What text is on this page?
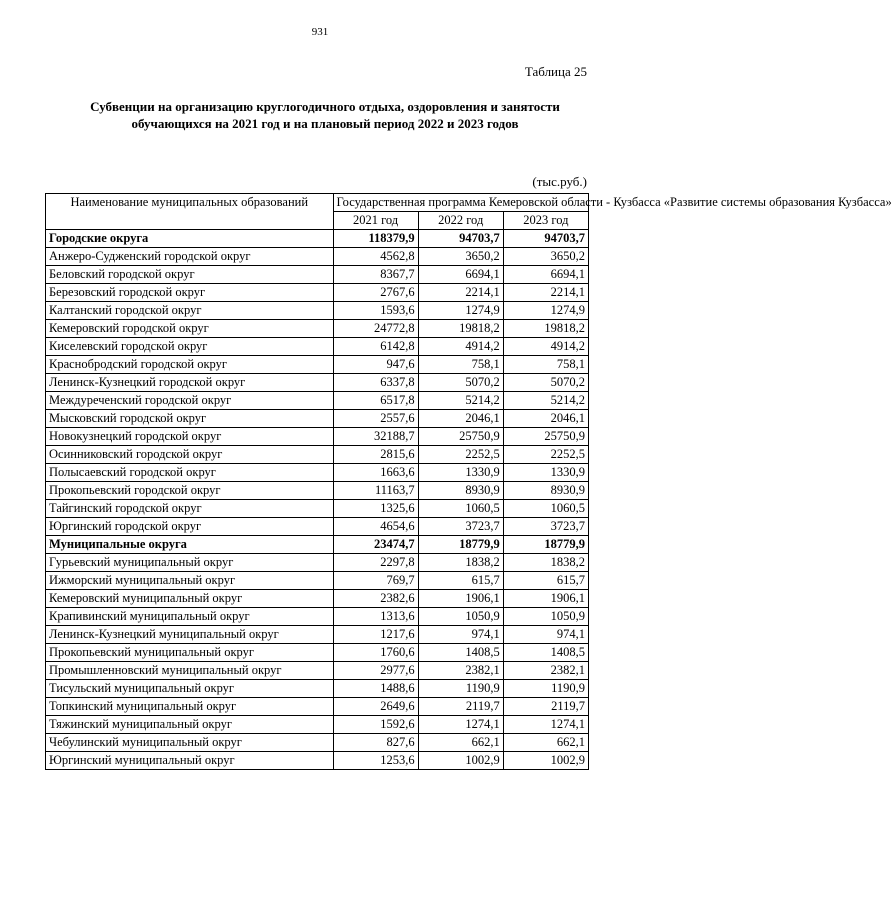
931
Таблица 25
Субвенции на организацию круглогодичного отдыха, оздоровления и занятости
обучающихся на 2021 год и на плановый период 2022 и 2023 годов
(тыс.руб.)
Наименование муниципальных образований	Государственная программа Кемеровской области - Кузбасса «Развитие системы образования Кузбасса»		
	2021 год	2022 год	2023 год
Городские округа	118379,9	94703,7	94703,7
Анжеро-Судженский городской округ	4562,8	3650,2	3650,2
Беловский городской округ	8367,7	6694,1	6694,1
Березовский городской округ	2767,6	2214,1	2214,1
Калтанский городской округ	1593,6	1274,9	1274,9
Кемеровский городской округ	24772,8	19818,2	19818,2
Киселевский городской округ	6142,8	4914,2	4914,2
Краснобродский городской округ	947,6	758,1	758,1
Ленинск-Кузнецкий городской округ	6337,8	5070,2	5070,2
Междуреченский городской округ	6517,8	5214,2	5214,2
Мысковский городской округ	2557,6	2046,1	2046,1
Новокузнецкий городской округ	32188,7	25750,9	25750,9
Осинниковский городской округ	2815,6	2252,5	2252,5
Полысаевский городской округ	1663,6	1330,9	1330,9
Прокопьевский городской округ	11163,7	8930,9	8930,9
Тайгинский городской округ	1325,6	1060,5	1060,5
Юргинский городской округ	4654,6	3723,7	3723,7
Муниципальные округа	23474,7	18779,9	18779,9
Гурьевский муниципальный округ	2297,8	1838,2	1838,2
Ижморский муниципальный округ	769,7	615,7	615,7
Кемеровский муниципальный округ	2382,6	1906,1	1906,1
Крапивинский муниципальный округ	1313,6	1050,9	1050,9
Ленинск-Кузнецкий муниципальный округ	1217,6	974,1	974,1
Прокопьевский муниципальный округ	1760,6	1408,5	1408,5
Промышленновский муниципальный округ	2977,6	2382,1	2382,1
Тисульский муниципальный округ	1488,6	1190,9	1190,9
Топкинский муниципальный округ	2649,6	2119,7	2119,7
Тяжинский муниципальный округ	1592,6	1274,1	1274,1
Чебулинский муниципальный округ	827,6	662,1	662,1
Юргинский муниципальный округ	1253,6	1002,9	1002,9
